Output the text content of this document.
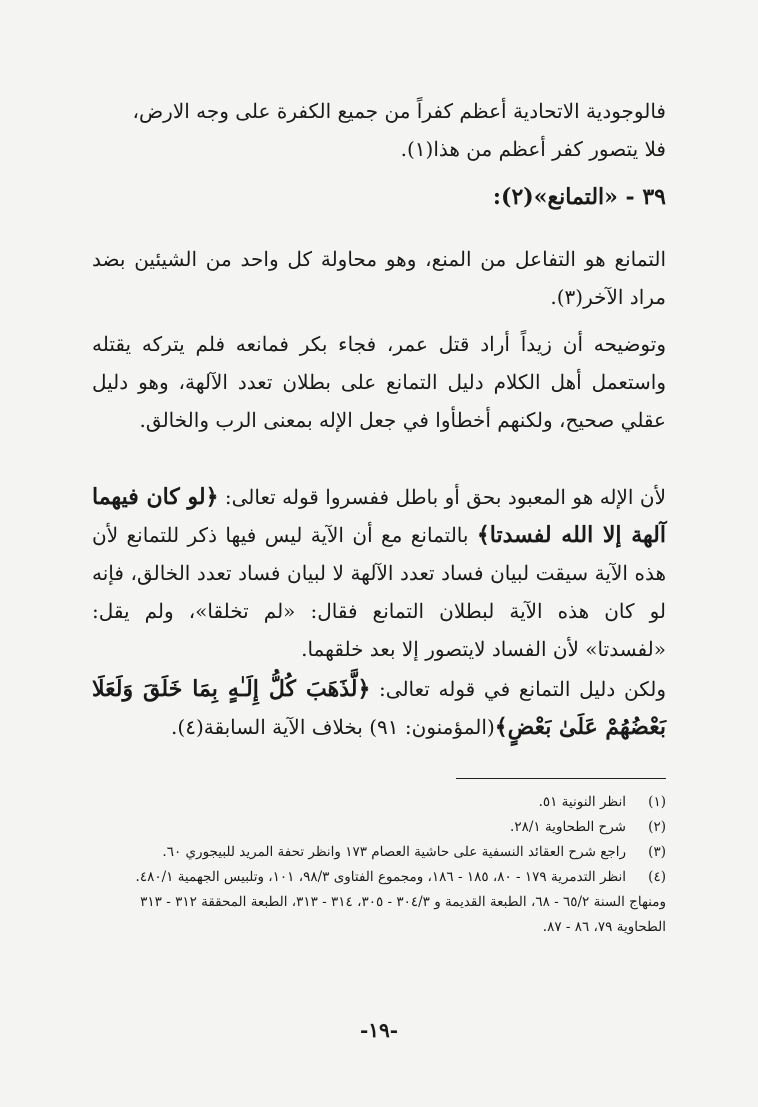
فالوجودية الاتحادية أعظم كفراً من جميع الكفرة على وجه الارض،
فلا يتصور كفر أعظم من هذا(١).
٣٩ - «التمانع»(٢):
التمانع هو التفاعل من المنع، وهو محاولة كل واحد من الشيئين بضد مراد الآخر(٣).
وتوضيحه أن زيداً أراد قتل عمر، فجاء بكر فمانعه فلم يتركه يقتله واستعمل أهل الكلام دليل التمانع على بطلان تعدد الآلهة، وهو دليل عقلي صحيح، ولكنهم أخطأوا في جعل الإله بمعنى الرب والخالق.
لأن الإله هو المعبود بحق أو باطل ففسروا قوله تعالى: ﴿لو كان فيهما آلهة إلا الله لفسدتا﴾ بالتمانع مع أن الآية ليس فيها ذكر للتمانع لأن هذه الآية سيقت لبيان فساد تعدد الآلهة لا لبيان فساد تعدد الخالق، فإنه لو كان هذه الآية لبطلان التمانع فقال: «لم تخلقا»، ولم يقل: «لفسدتا» لأن الفساد لايتصور إلا بعد خلقهما.
ولكن دليل التمانع في قوله تعالى: ﴿لَّذَهَبَ كُلُّ إِلَـٰهٍ بِمَا خَلَقَ وَلَعَلَا بَعْضُهُمْ عَلَىٰ بَعْضٍ﴾(المؤمنون: ٩١) بخلاف الآية السابقة(٤).
(١)
انظر النونية ٥١.
(٢)
شرح الطحاوية ٢٨/١.
(٣)
راجع شرح العقائد النسفية على حاشية العصام ١٧٣ وانظر تحفة المريد للبيجوري ٦٠.
(٤)
انظر التدمرية ١٧٩ - ٨٠، ١٨٥ - ١٨٦، ومجموع الفتاوى ٩٨/٣، ١٠١، وتلبيس الجهمية ٤٨٠/١.
ومنهاج السنة ٦٥/٢ - ٦٨، الطبعة القديمة و ٣٠٤/٣ - ٣٠٥، ٣١٤ - ٣١٣، الطبعة المحققة ٣١٢ - ٣١٣ الطحاوية ٧٩، ٨٦ - ٨٧.
-١٩-
